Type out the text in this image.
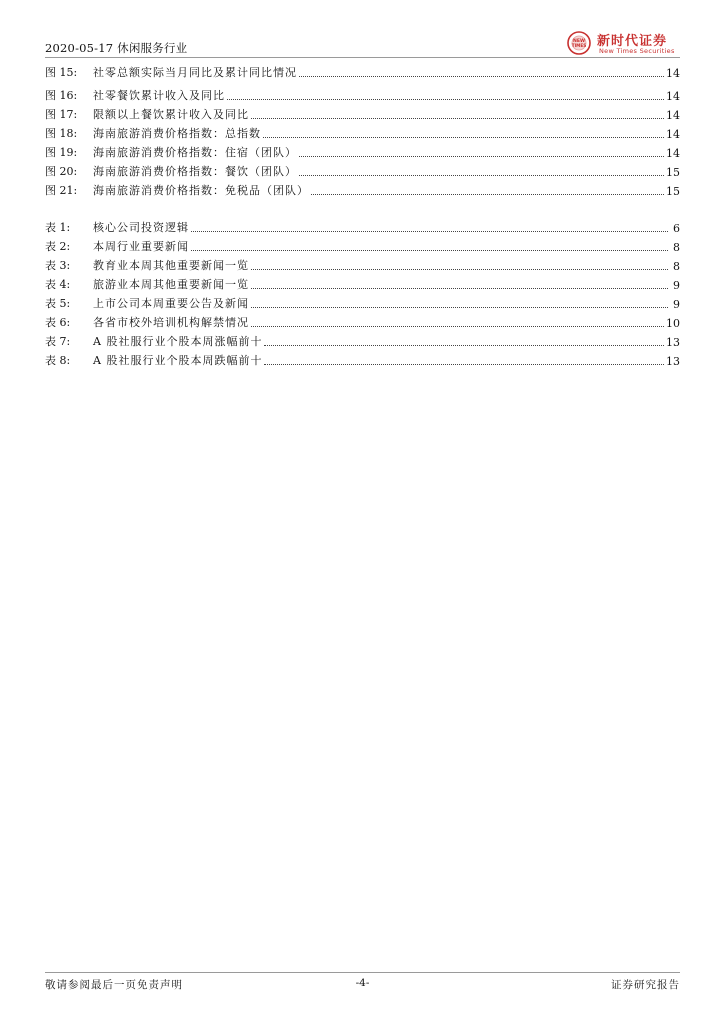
2020-05-17 休闲服务行业	NEW
TIMES 新时代证券
New Times Securities
图 15:	社零总额实际当月同比及累计同比情况	14
图 16:	社零餐饮累计收入及同比	14
图 17:	限额以上餐饮累计收入及同比	14
图 18:	海南旅游消费价格指数：总指数	14
图 19:	海南旅游消费价格指数：住宿（团队）	14
图 20:	海南旅游消费价格指数：餐饮（团队）	15
图 21:	海南旅游消费价格指数：免税品（团队）	15
表 1:	核心公司投资逻辑	6
表 2:	本周行业重要新闻	8
表 3:	教育业本周其他重要新闻一览	8
表 4:	旅游业本周其他重要新闻一览	9
表 5:	上市公司本周重要公告及新闻	9
表 6:	各省市校外培训机构解禁情况	10
表 7:	A 股社服行业个股本周涨幅前十	13
表 8:	A 股社服行业个股本周跌幅前十	13
敬请参阅最后一页免责声明	-4-	证券研究报告
